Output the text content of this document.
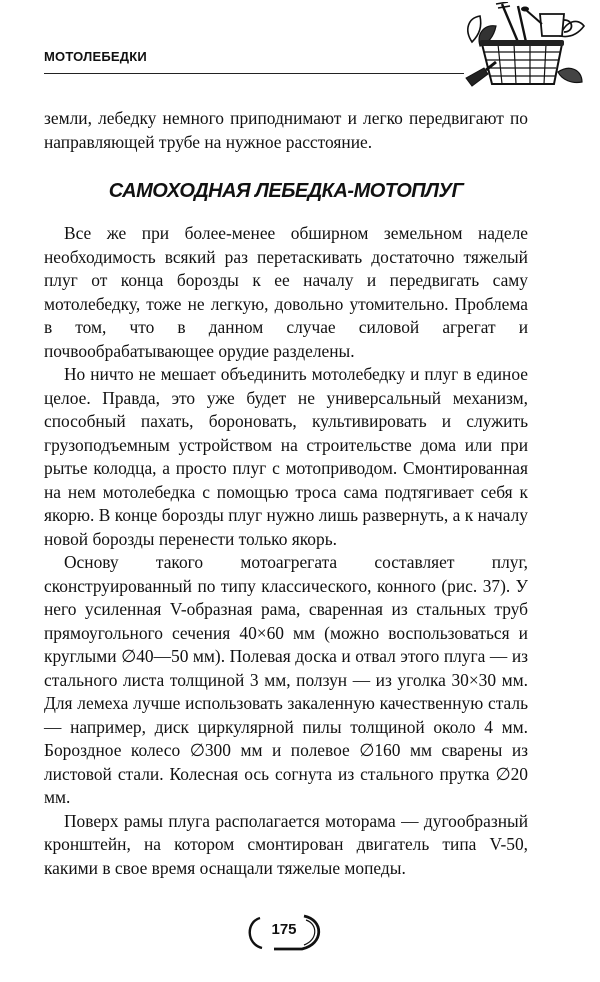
МОТОЛЕБЕДКИ

земли, лебедку немного приподнимают и легко передвигают по направляющей трубе на нужное расстояние.

САМОХОДНАЯ ЛЕБЕДКА-МОТОПЛУГ

Все же при более-менее обширном земельном наделе необходимость всякий раз перетаскивать достаточно тяжелый плуг от конца борозды к ее началу и передвигать саму мотолебедку, тоже не легкую, довольно утомительно. Проблема в том, что в данном случае силовой агрегат и почвообрабатывающее орудие разделены.

Но ничто не мешает объединить мотолебедку и плуг в единое целое. Правда, это уже будет не универсальный механизм, способный пахать, бороновать, культивировать и служить грузоподъемным устройством на строительстве дома или при рытье колодца, а просто плуг с мотоприводом. Смонтированная на нем мотолебедка с помощью троса сама подтягивает себя к якорю. В конце борозды плуг нужно лишь развернуть, а к началу новой борозды перенести только якорь.

Основу такого мотоагрегата составляет плуг, сконструированный по типу классического, конного (рис. 37). У него усиленная V-образная рама, сваренная из стальных труб прямоугольного сечения 40×60 мм (можно воспользоваться и круглыми ∅40—50 мм). Полевая доска и отвал этого плуга — из стального листа толщиной 3 мм, ползун — из уголка 30×30 мм. Для лемеха лучше использовать закаленную качественную сталь — например, диск циркулярной пилы толщиной около 4 мм. Бороздное колесо ∅300 мм и полевое ∅160 мм сварены из листовой стали. Колесная ось согнута из стального прутка ∅20 мм.

Поверх рамы плуга располагается моторама — дугообразный кронштейн, на котором смонтирован двигатель типа V-50, какими в свое время оснащали тяжелые мопеды.

175
